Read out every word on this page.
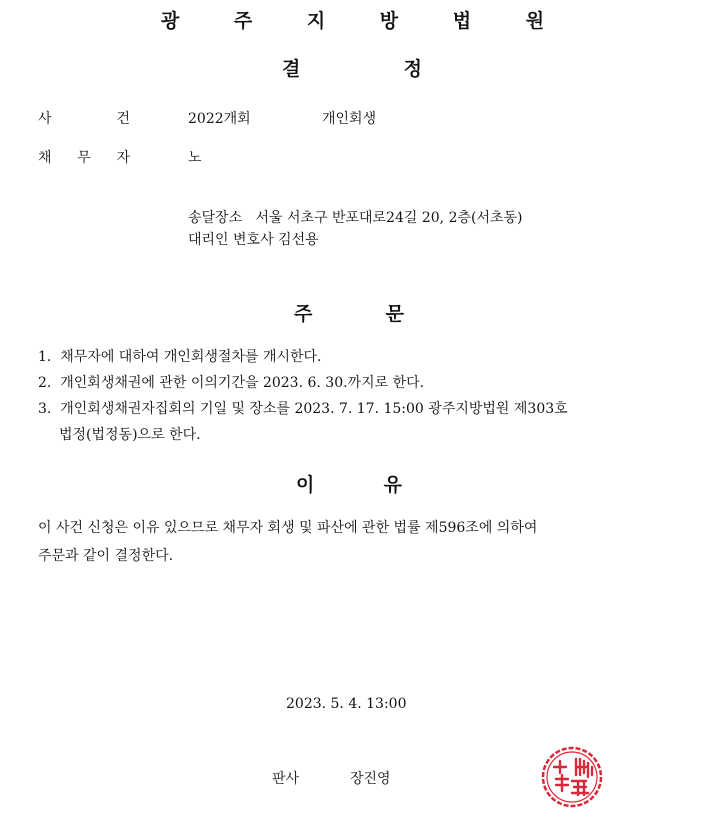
광 주 지 방 법 원
결	정
사	건	2022개회	개인회생
채 무 자	노
송달장소   서울 서초구 반포대로24길 20, 2층(서초동)
대리인 변호사 김선용
주	문
1.  채무자에 대하여 개인회생절차를 개시한다.
2.  개인회생채권에 관한 이의기간을 2023. 6. 30.까지로 한다.
3.  개인회생채권자집회의 기일 및 장소를 2023. 7. 17. 15:00 광주지방법원 제303호
법정(법정동)으로 한다.
이	유
이 사건 신청은 이유 있으므로 채무자 회생 및 파산에 관한 법률 제596조에 의하여
주문과 같이 결정한다.
2023. 5. 4. 13:00
판사	장진영
